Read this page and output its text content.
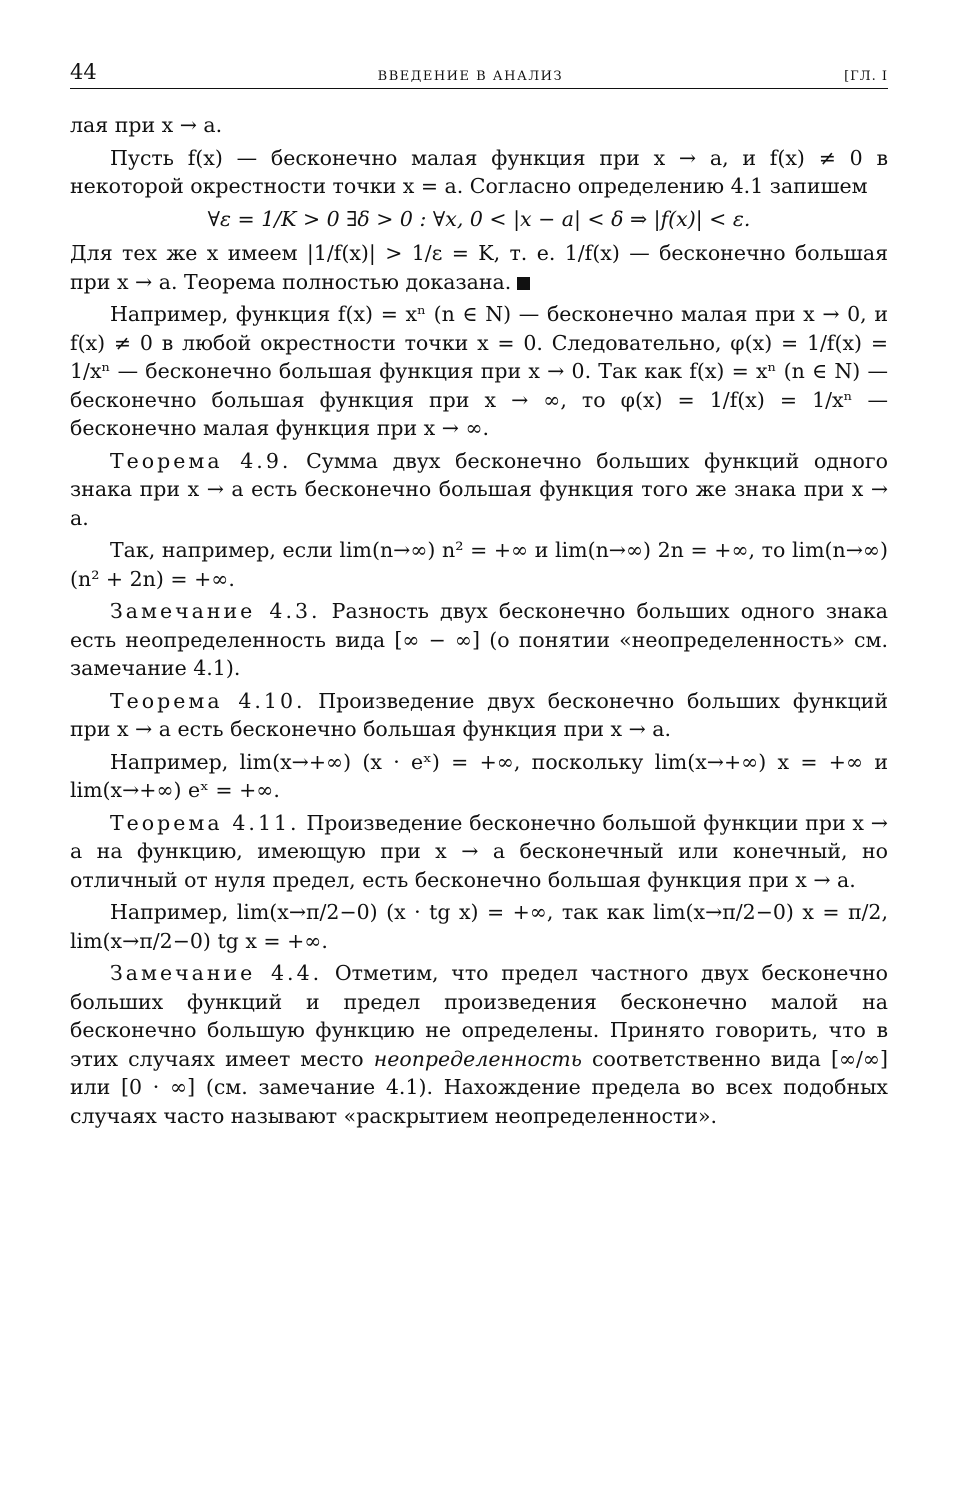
44	ВВЕДЕНИЕ В АНАЛИЗ	[ГЛ. I

лая при x → a.

Пусть f(x) — бесконечно малая функция при x → a, и f(x) ≠ 0 в некоторой окрестности точки x = a. Согласно определению 4.1 запишем

∀ε = 1/K > 0 ∃δ > 0 : ∀x, 0 < |x − a| < δ ⇒ |f(x)| < ε.

Для тех же x имеем |1/f(x)| > 1/ε = K, т. е. 1/f(x) — бесконечно большая при x → a. Теорема полностью доказана.

Например, функция f(x) = xⁿ (n ∈ N) — бесконечно малая при x → 0, и f(x) ≠ 0 в любой окрестности точки x = 0. Следовательно, φ(x) = 1/f(x) = 1/xⁿ — бесконечно большая функция при x → 0. Так как f(x) = xⁿ (n ∈ N) — бесконечно большая функция при x → ∞, то φ(x) = 1/f(x) = 1/xⁿ — бесконечно малая функция при x → ∞.

Теорема 4.9. Сумма двух бесконечно больших функций одного знака при x → a есть бесконечно большая функция того же знака при x → a.

Так, например, если lim(n→∞) n² = +∞ и lim(n→∞) 2n = +∞, то lim(n→∞) (n² + 2n) = +∞.

Замечание 4.3. Разность двух бесконечно больших одного знака есть неопределенность вида [∞ − ∞] (о понятии «неопределенность» см. замечание 4.1).

Теорема 4.10. Произведение двух бесконечно больших функций при x → a есть бесконечно большая функция при x → a.

Например, lim(x→+∞) (x · eˣ) = +∞, поскольку lim(x→+∞) x = +∞ и lim(x→+∞) eˣ = +∞.

Теорема 4.11. Произведение бесконечно большой функции при x → a на функцию, имеющую при x → a бесконечный или конечный, но отличный от нуля предел, есть бесконечно большая функция при x → a.

Например, lim(x→π/2−0) (x · tg x) = +∞, так как lim(x→π/2−0) x = π/2, lim(x→π/2−0) tg x = +∞.

Замечание 4.4. Отметим, что предел частного двух бесконечно больших функций и предел произведения бесконечно малой на бесконечно большую функцию не определены. Принято говорить, что в этих случаях имеет место неопределенность соответственно вида [∞/∞] или [0 · ∞] (см. замечание 4.1). Нахождение предела во всех подобных случаях часто называют «раскрытием неопределенности».
